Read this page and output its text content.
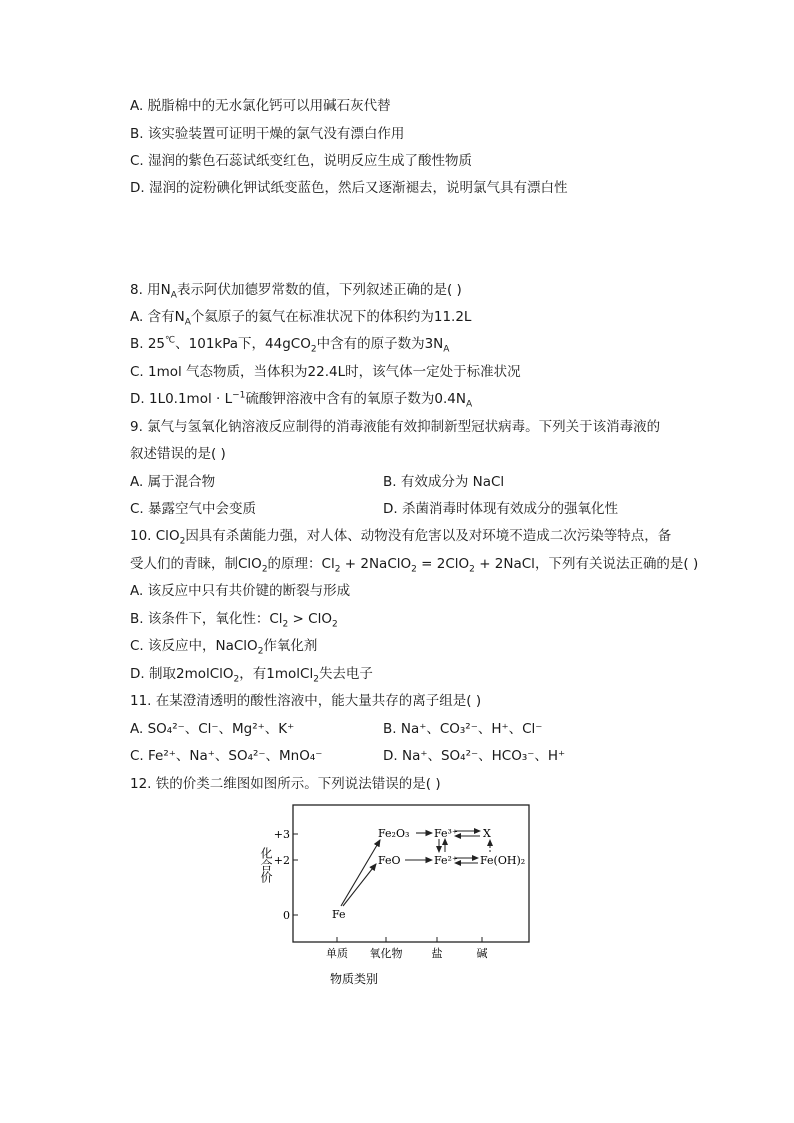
A. 脱脂棉中的无水氯化钙可以用碱石灰代替
B. 该实验装置可证明干燥的氯气没有漂白作用
C. 湿润的紫色石蕊试纸变红色，说明反应生成了酸性物质
D. 湿润的淀粉碘化钾试纸变蓝色，然后又逐渐褪去，说明氯气具有漂白性
8. 用$N_A$表示阿伏加德罗常数的值，下列叙述正确的是( )
A. 含有$N_A$个氦原子的氦气在标准状况下的体积约为11.2L
B. 25℃、101kPa下，44gCO$_2$中含有的原子数为$3N_A$
C. 1mol 气态物质，当体积为22.4L时，该气体一定处于标准状况
D. $1L0.1mol \cdot L^{-1}$硫酸钾溶液中含有的氧原子数为$0.4N_A$
9. 氯气与氢氧化钠溶液反应制得的消毒液能有效抑制新型冠状病毒。下列关于该消毒液的
叙述错误的是( )
A. 属于混合物	B. 有效成分为 NaCl
C. 暴露空气中会变质	D. 杀菌消毒时体现有效成分的强氧化性
10. ClO$_2$因具有杀菌能力强，对人体、动物没有危害以及对环境不造成二次污染等特点，备
受人们的青睐，制ClO$_2$的原理：$Cl_2$ + 2NaClO$_2$ = 2ClO$_2$ + 2NaCl，下列有关说法正确的是( )
A. 该反应中只有共价键的断裂与形成
B. 该条件下，氧化性：$Cl_2 > ClO_2$
C. 该反应中，NaClO$_2$作氧化剂
D. 制取2molClO$_2$，有1molCl$_2$失去电子
11. 在某澄清透明的酸性溶液中，能大量共存的离子组是( )
A. SO₄²⁻、Cl⁻、Mg²⁺、K⁺	B. Na⁺、CO₃²⁻、H⁺、Cl⁻
C. Fe²⁺、Na⁺、SO₄²⁻、MnO₄⁻	D. Na⁺、SO₄²⁻、HCO₃⁻、H⁺
12. 铁的价类二维图如图所示。下列说法错误的是( )
+3
+2
0
化合价
单质 氧化物	盐	碱
物质类别
Fe
FeO
Fe₂O₃ Fe³⁺
Fe²⁺
X
Fe(OH)₂
